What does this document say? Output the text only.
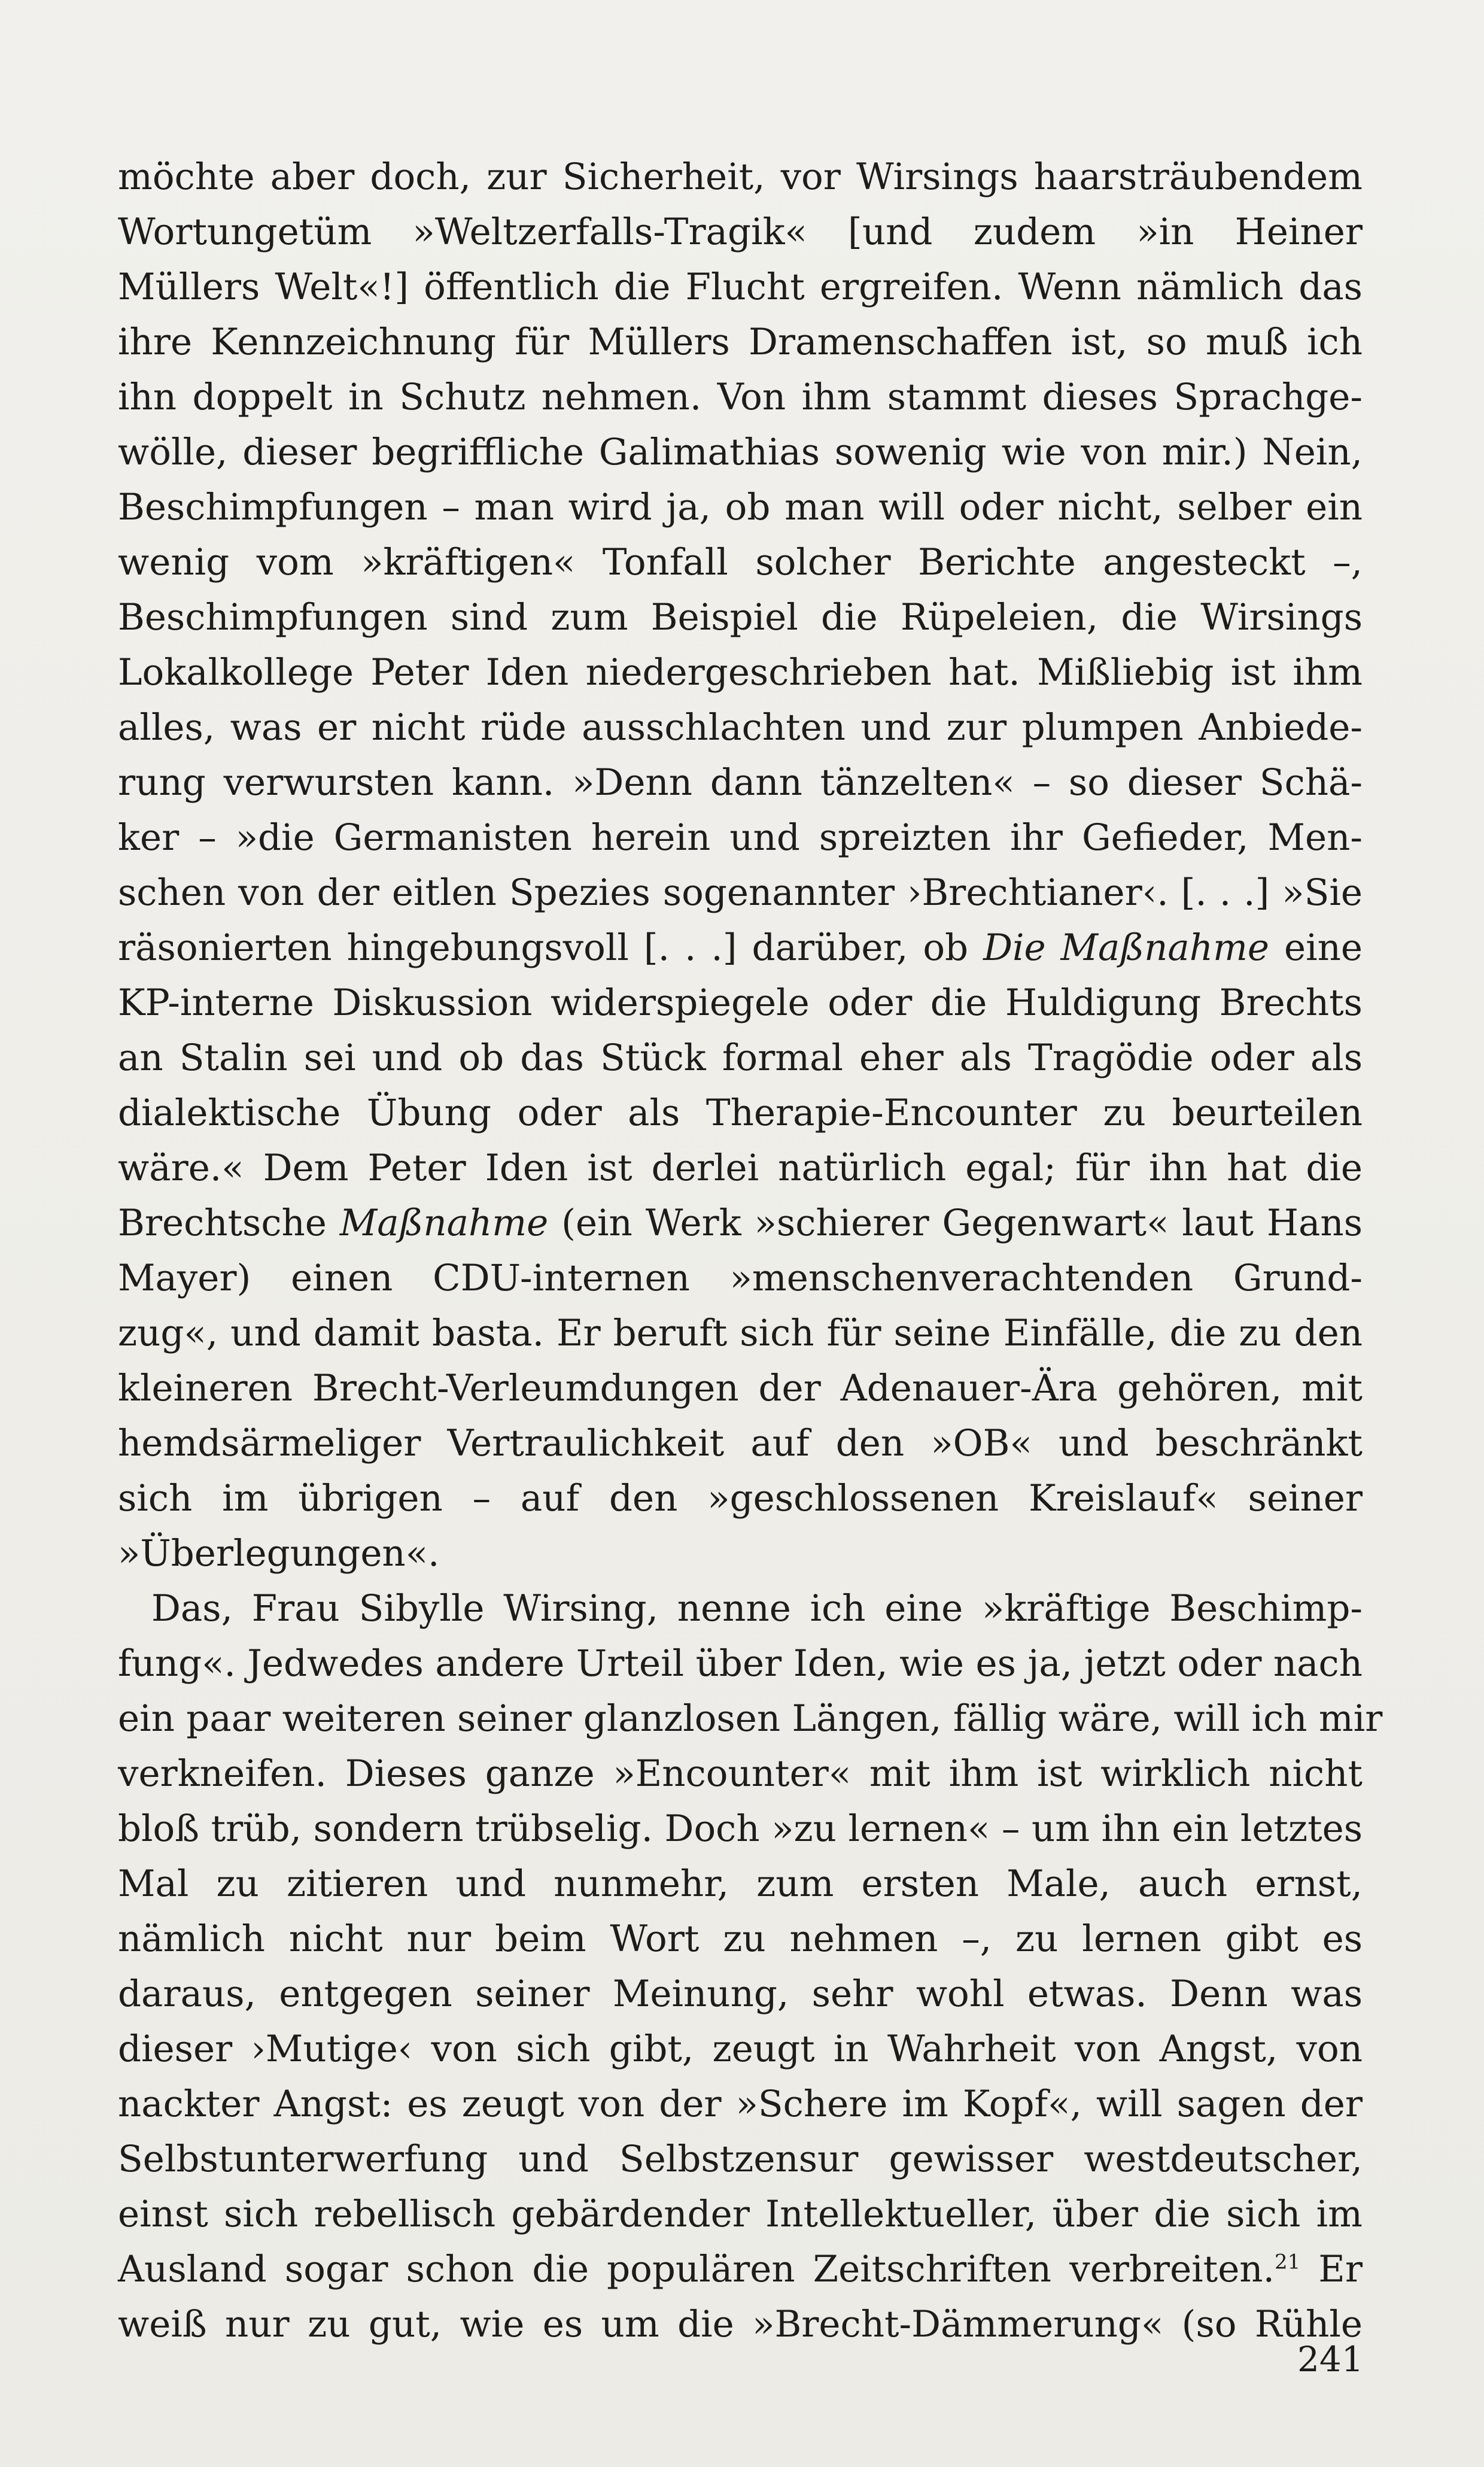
möchte aber doch, zur Sicherheit, vor Wirsings haarsträubendem
Wortungetüm »Weltzerfalls-Tragik« [und zudem »in Heiner
Müllers Welt«!] öffentlich die Flucht ergreifen. Wenn nämlich das
ihre Kennzeichnung für Müllers Dramenschaffen ist, so muß ich
ihn doppelt in Schutz nehmen. Von ihm stammt dieses Sprachge-
wölle, dieser begriffliche Galimathias sowenig wie von mir.) Nein,
Beschimpfungen – man wird ja, ob man will oder nicht, selber ein
wenig vom »kräftigen« Tonfall solcher Berichte angesteckt –,
Beschimpfungen sind zum Beispiel die Rüpeleien, die Wirsings
Lokalkollege Peter Iden niedergeschrieben hat. Mißliebig ist ihm
alles, was er nicht rüde ausschlachten und zur plumpen Anbiede-
rung verwursten kann. »Denn dann tänzelten« – so dieser Schä-
ker – »die Germanisten herein und spreizten ihr Gefieder, Men-
schen von der eitlen Spezies sogenannter ›Brechtianer‹. [. . .] »Sie
räsonierten hingebungsvoll [. . .] darüber, ob Die Maßnahme eine
KP-interne Diskussion widerspiegele oder die Huldigung Brechts
an Stalin sei und ob das Stück formal eher als Tragödie oder als
dialektische Übung oder als Therapie-Encounter zu beurteilen
wäre.« Dem Peter Iden ist derlei natürlich egal; für ihn hat die
Brechtsche Maßnahme (ein Werk »schierer Gegenwart« laut Hans
Mayer) einen CDU-internen »menschenverachtenden Grund-
zug«, und damit basta. Er beruft sich für seine Einfälle, die zu den
kleineren Brecht-Verleumdungen der Adenauer-Ära gehören, mit
hemdsärmeliger Vertraulichkeit auf den »OB« und beschränkt
sich im übrigen – auf den »geschlossenen Kreislauf« seiner
»Überlegungen«.
Das, Frau Sibylle Wirsing, nenne ich eine »kräftige Beschimp-
fung«. Jedwedes andere Urteil über Iden, wie es ja, jetzt oder nach
ein paar weiteren seiner glanzlosen Längen, fällig wäre, will ich mir
verkneifen. Dieses ganze »Encounter« mit ihm ist wirklich nicht
bloß trüb, sondern trübselig. Doch »zu lernen« – um ihn ein letztes
Mal zu zitieren und nunmehr, zum ersten Male, auch ernst,
nämlich nicht nur beim Wort zu nehmen –, zu lernen gibt es
daraus, entgegen seiner Meinung, sehr wohl etwas. Denn was
dieser ›Mutige‹ von sich gibt, zeugt in Wahrheit von Angst, von
nackter Angst: es zeugt von der »Schere im Kopf«, will sagen der
Selbstunterwerfung und Selbstzensur gewisser westdeutscher,
einst sich rebellisch gebärdender Intellektueller, über die sich im
Ausland sogar schon die populären Zeitschriften verbreiten.$^{21}$ Er
weiß nur zu gut, wie es um die »Brecht-Dämmerung« (so Rühle
241
